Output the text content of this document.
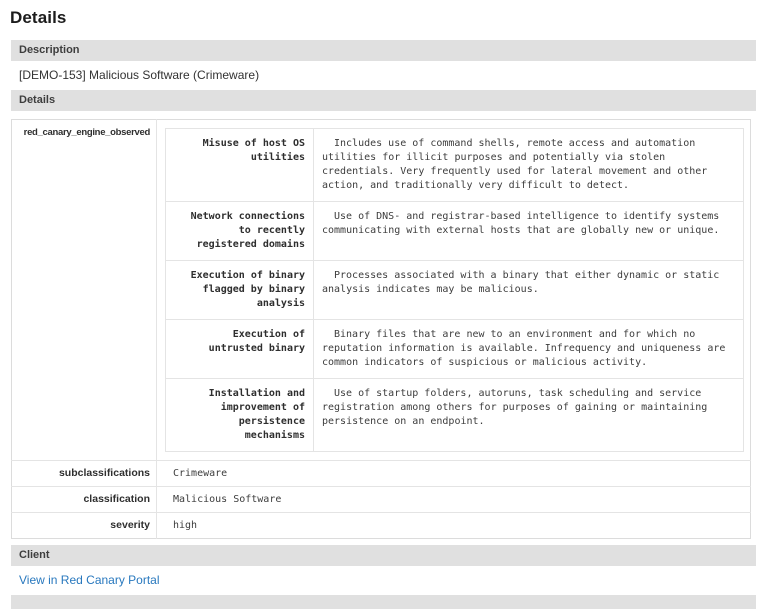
Details
Description
[DEMO-153] Malicious Software (Crimeware)
Details
red_canary_engine_observed	
Misuse of host OS utilities	Includes use of command shells, remote access and automation utilities for illicit purposes and potentially via stolen credentials. Very frequently used for lateral movement and other action, and traditionally very difficult to detect.
Network connections to recently registered domains	Use of DNS- and registrar-based intelligence to identify systems communicating with external hosts that are globally new or unique.
Execution of binary flagged by binary analysis	Processes associated with a binary that either dynamic or static analysis indicates may be malicious.
Execution of untrusted binary	Binary files that are new to an environment and for which no reputation information is available. Infrequency and uniqueness are common indicators of suspicious or malicious activity.
Installation and improvement of persistence mechanisms	Use of startup folders, autoruns, task scheduling and service registration among others for purposes of gaining or maintaining persistence on an endpoint.

subclassifications	Crimeware
classification	Malicious Software
severity	high
Client
View in Red Canary Portal
